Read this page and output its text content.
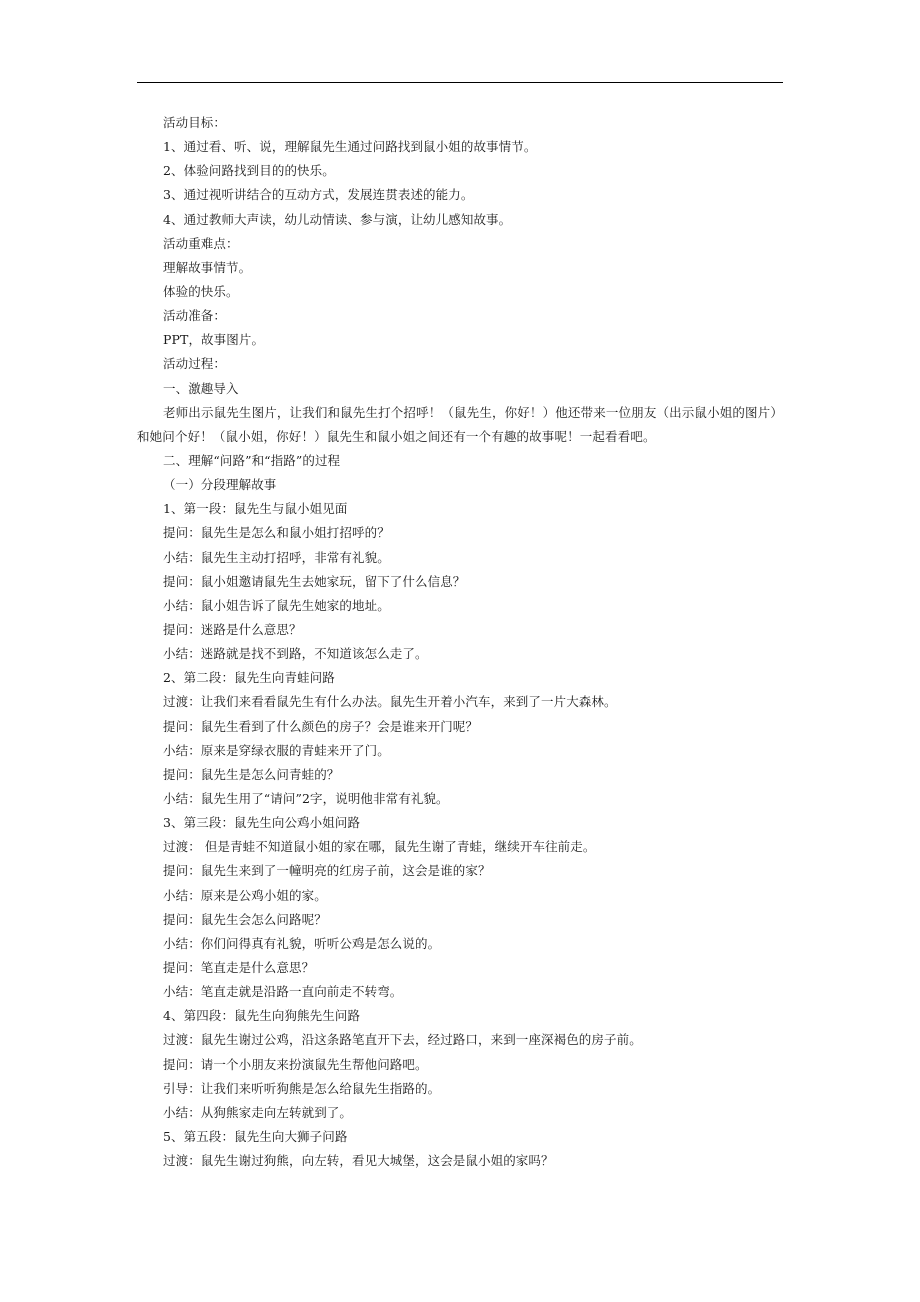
活动目标：
1、通过看、听、说，理解鼠先生通过问路找到鼠小姐的故事情节。
2、体验问路找到目的的快乐。
3、通过视听讲结合的互动方式，发展连贯表述的能力。
4、通过教师大声读，幼儿动情读、参与演，让幼儿感知故事。
活动重难点：
理解故事情节。
体验的快乐。
活动准备：
PPT，故事图片。
活动过程：
一、激趣导入
老师出示鼠先生图片，让我们和鼠先生打个招呼！（鼠先生，你好！）他还带来一位朋友（出示鼠小姐的图片）和她问个好！（鼠小姐，你好！）鼠先生和鼠小姐之间还有一个有趣的故事呢！一起看看吧。
二、理解“问路”和“指路”的过程
（一）分段理解故事
1、第一段：鼠先生与鼠小姐见面
提问：鼠先生是怎么和鼠小姐打招呼的？
小结：鼠先生主动打招呼，非常有礼貌。
提问：鼠小姐邀请鼠先生去她家玩，留下了什么信息？
小结：鼠小姐告诉了鼠先生她家的地址。
提问：迷路是什么意思？
小结：迷路就是找不到路，不知道该怎么走了。
2、第二段：鼠先生向青蛙问路
过渡：让我们来看看鼠先生有什么办法。鼠先生开着小汽车，来到了一片大森林。
提问：鼠先生看到了什么颜色的房子？会是谁来开门呢？
小结：原来是穿绿衣服的青蛙来开了门。
提问：鼠先生是怎么问青蛙的？
小结：鼠先生用了“请问”2字，说明他非常有礼貌。
3、第三段：鼠先生向公鸡小姐问路
过渡： 但是青蛙不知道鼠小姐的家在哪，鼠先生谢了青蛙，继续开车往前走。
提问：鼠先生来到了一幢明亮的红房子前，这会是谁的家？
小结：原来是公鸡小姐的家。
提问：鼠先生会怎么问路呢？
小结：你们问得真有礼貌，听听公鸡是怎么说的。
提问：笔直走是什么意思？
小结：笔直走就是沿路一直向前走不转弯。
4、第四段：鼠先生向狗熊先生问路
过渡：鼠先生谢过公鸡，沿这条路笔直开下去，经过路口，来到一座深褐色的房子前。
提问：请一个小朋友来扮演鼠先生帮他问路吧。
引导：让我们来听听狗熊是怎么给鼠先生指路的。
小结：从狗熊家走向左转就到了。
5、第五段：鼠先生向大狮子问路
过渡：鼠先生谢过狗熊，向左转，看见大城堡，这会是鼠小姐的家吗？
